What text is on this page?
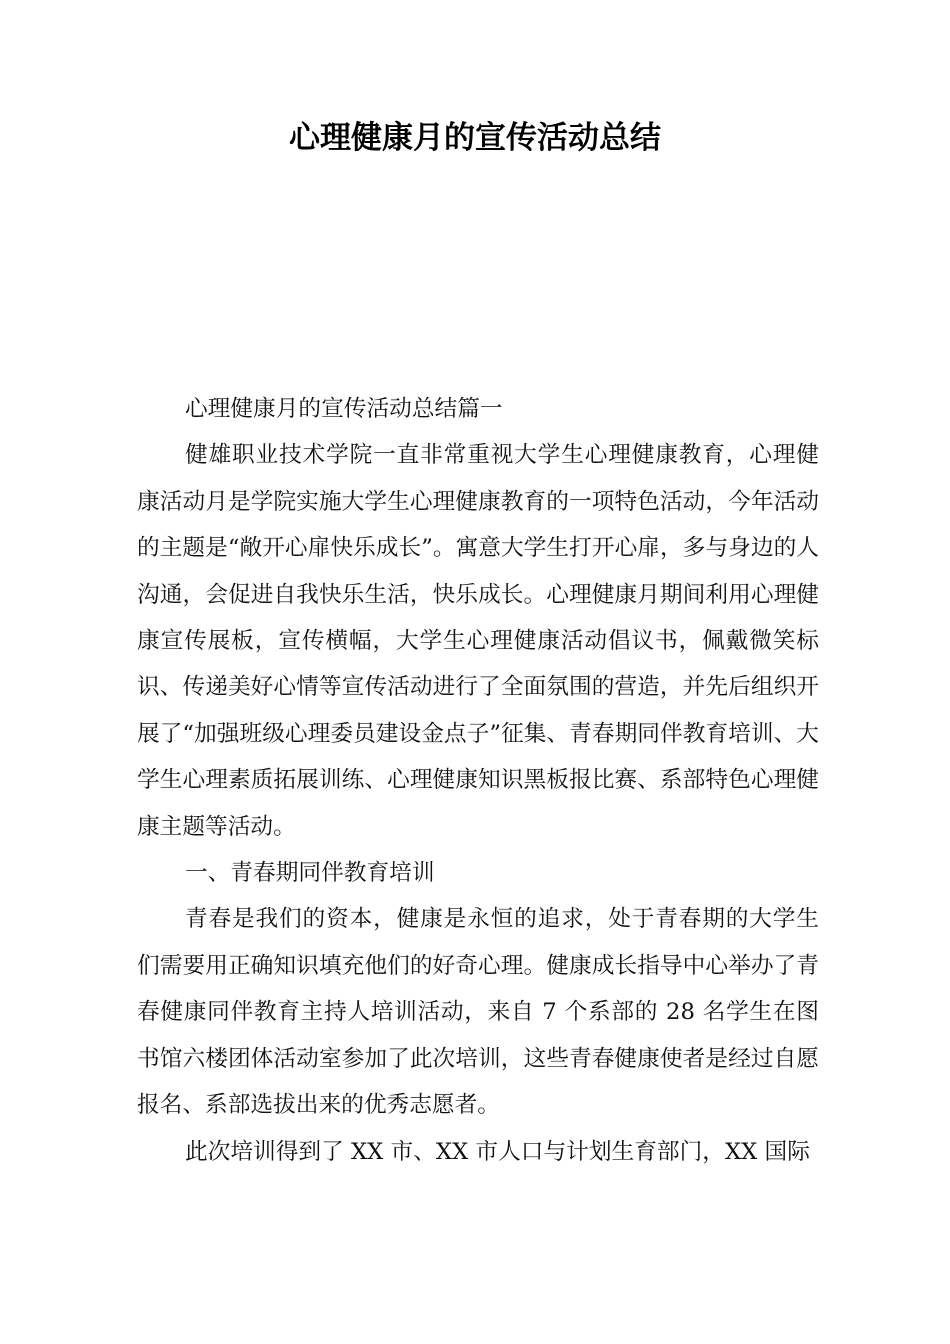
心理健康月的宣传活动总结

心理健康月的宣传活动总结篇一

健雄职业技术学院一直非常重视大学生心理健康教育，心理健康活动月是学院实施大学生心理健康教育的一项特色活动，今年活动的主题是“敞开心扉快乐成长”。寓意大学生打开心扉，多与身边的人沟通，会促进自我快乐生活，快乐成长。心理健康月期间利用心理健康宣传展板，宣传横幅，大学生心理健康活动倡议书，佩戴微笑标识、传递美好心情等宣传活动进行了全面氛围的营造，并先后组织开展了“加强班级心理委员建设金点子”征集、青春期同伴教育培训、大学生心理素质拓展训练、心理健康知识黑板报比赛、系部特色心理健康主题等活动。

一、青春期同伴教育培训

青春是我们的资本，健康是永恒的追求，处于青春期的大学生们需要用正确知识填充他们的好奇心理。健康成长指导中心举办了青春健康同伴教育主持人培训活动，来自 7 个系部的 28 名学生在图书馆六楼团体活动室参加了此次培训，这些青春健康使者是经过自愿报名、系部选拔出来的优秀志愿者。

此次培训得到了 XX 市、XX 市人口与计划生育部门，XX 国际
